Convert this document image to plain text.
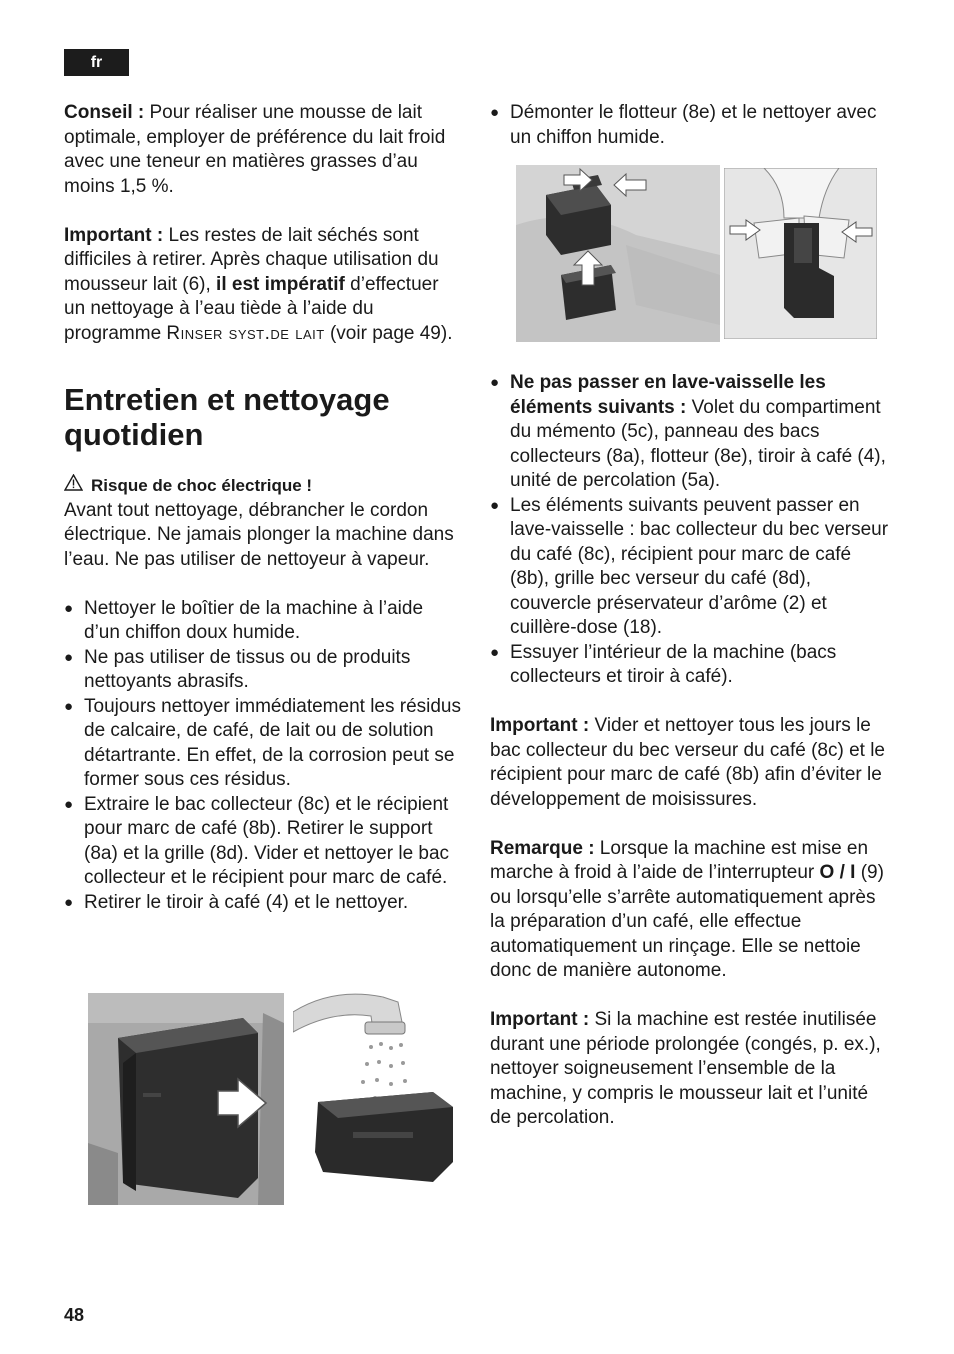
fr

Conseil : Pour réaliser une mousse de lait optimale, employer de préférence du lait froid avec une teneur en matières grasses d’au moins 1,5 %.

Important : Les restes de lait séchés sont difficiles à retirer. Après chaque utilisation du mousseur lait (6), il est impératif d’effectuer un nettoyage à l’eau tiède à l’aide du programme Rinser syst.de lait (voir page 49).

Entretien et nettoyage quotidien
Risque de choc électrique !

Avant tout nettoyage, débrancher le cordon électrique. Ne jamais plonger la machine dans l’eau. Ne pas utiliser de nettoyeur à vapeur.

● Nettoyer le boîtier de la machine à l’aide d’un chiffon doux humide.
● Ne pas utiliser de tissus ou de produits nettoyants abrasifs.
● Toujours nettoyer immédiatement les résidus de calcaire, de café, de lait ou de solution détartrante. En effet, de la corrosion peut se former sous ces résidus.
● Extraire le bac collecteur (8c) et le récipient pour marc de café (8b). Retirer le support (8a) et la grille (8d). Vider et nettoyer le bac collecteur et le récipient pour marc de café.
● Retirer le tiroir à café (4) et le nettoyer.
● Démonter le flotteur (8e) et le nettoyer avec un chiffon humide.
● Ne pas passer en lave-vaisselle les éléments suivants : Volet du compartiment du mémento (5c), panneau des bacs collecteurs (8a), flotteur (8e), tiroir à café (4), unité de percolation (5a).
● Les éléments suivants peuvent passer en lave-vaisselle : bac collecteur du bec verseur du café (8c), récipient pour marc de café (8b), grille bec verseur du café (8d), couvercle préservateur d’arôme (2) et cuillère-dose (18).
● Essuyer l’intérieur de la machine (bacs collecteurs et tiroir à café).

Important : Vider et nettoyer tous les jours le bac collecteur du bec verseur du café (8c) et le récipient pour marc de café (8b) afin d’éviter le développement de moisissures.

Remarque : Lorsque la machine est mise en marche à froid à l’aide de l’interrupteur O / I (9) ou lorsqu’elle s’arrête automatiquement après la préparation d’un café, elle effectue automatiquement un rinçage. Elle se nettoie donc de manière autonome.

Important : Si la machine est restée inutilisée durant une période prolongée (congés, p. ex.), nettoyer soigneusement l’ensemble de la machine, y compris le mousseur lait et l’unité de percolation.

48
